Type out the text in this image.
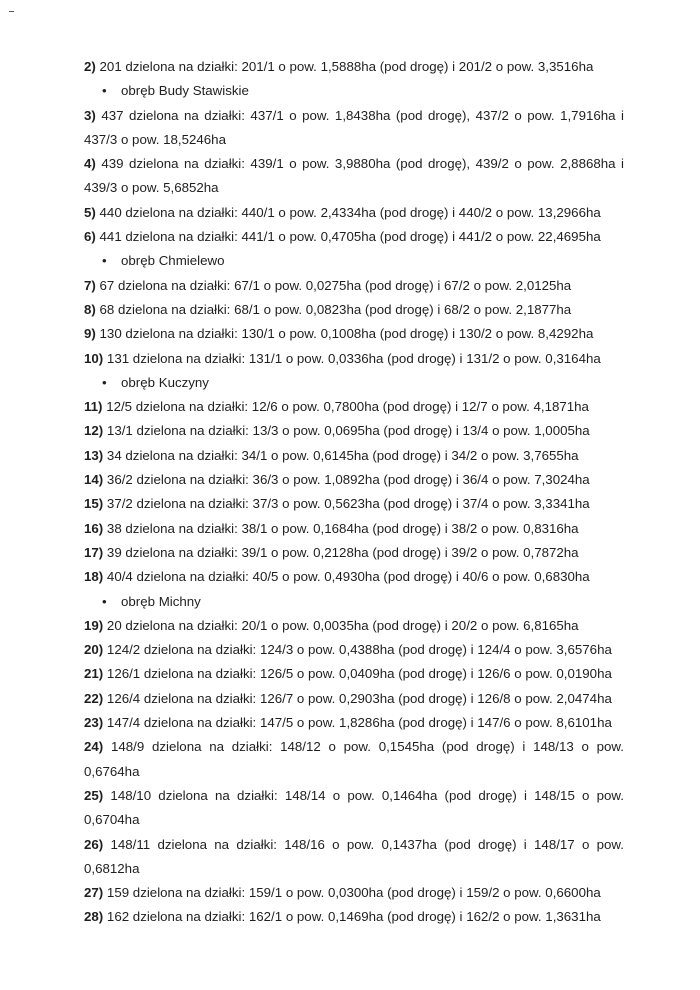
2) 201 dzielona na działki: 201/1 o pow. 1,5888ha (pod drogę) i 201/2 o pow. 3,3516ha
• obręb Budy Stawiskie
3) 437 dzielona na działki: 437/1 o pow. 1,8438ha (pod drogę), 437/2 o pow. 1,7916ha i
437/3 o pow. 18,5246ha
4) 439 dzielona na działki: 439/1 o pow. 3,9880ha (pod drogę), 439/2 o pow. 2,8868ha i
439/3 o pow. 5,6852ha
5) 440 dzielona na działki: 440/1 o pow. 2,4334ha (pod drogę) i 440/2 o pow. 13,2966ha
6) 441 dzielona na działki: 441/1 o pow. 0,4705ha (pod drogę) i 441/2 o pow. 22,4695ha
• obręb Chmielewo
7) 67 dzielona na działki: 67/1 o pow. 0,0275ha (pod drogę) i 67/2 o pow. 2,0125ha
8) 68 dzielona na działki: 68/1 o pow. 0,0823ha (pod drogę) i 68/2 o pow. 2,1877ha
9) 130 dzielona na działki: 130/1 o pow. 0,1008ha (pod drogę) i 130/2 o pow. 8,4292ha
10) 131 dzielona na działki: 131/1 o pow. 0,0336ha (pod drogę) i 131/2 o pow. 0,3164ha
• obręb Kuczyny
11) 12/5 dzielona na działki: 12/6 o pow. 0,7800ha (pod drogę) i 12/7 o pow. 4,1871ha
12) 13/1 dzielona na działki: 13/3 o pow. 0,0695ha (pod drogę) i 13/4 o pow. 1,0005ha
13) 34 dzielona na działki: 34/1 o pow. 0,6145ha (pod drogę) i 34/2 o pow. 3,7655ha
14) 36/2 dzielona na działki: 36/3 o pow. 1,0892ha (pod drogę) i 36/4 o pow. 7,3024ha
15) 37/2 dzielona na działki: 37/3 o pow. 0,5623ha (pod drogę) i 37/4 o pow. 3,3341ha
16) 38 dzielona na działki: 38/1 o pow. 0,1684ha (pod drogę) i 38/2 o pow. 0,8316ha
17) 39 dzielona na działki: 39/1 o pow. 0,2128ha (pod drogę) i 39/2 o pow. 0,7872ha
18) 40/4 dzielona na działki: 40/5 o pow. 0,4930ha (pod drogę) i 40/6 o pow. 0,6830ha
• obręb Michny
19) 20 dzielona na działki: 20/1 o pow. 0,0035ha (pod drogę) i 20/2 o pow. 6,8165ha
20) 124/2 dzielona na działki: 124/3 o pow. 0,4388ha (pod drogę) i 124/4 o pow. 3,6576ha
21) 126/1 dzielona na działki: 126/5 o pow. 0,0409ha (pod drogę) i 126/6 o pow. 0,0190ha
22) 126/4 dzielona na działki: 126/7 o pow. 0,2903ha (pod drogę) i 126/8 o pow. 2,0474ha
23) 147/4 dzielona na działki: 147/5 o pow. 1,8286ha (pod drogę) i 147/6 o pow. 8,6101ha
24) 148/9 dzielona na działki: 148/12 o pow. 0,1545ha (pod drogę) i 148/13 o pow.
0,6764ha
25) 148/10 dzielona na działki: 148/14 o pow. 0,1464ha (pod drogę) i 148/15 o pow.
0,6704ha
26) 148/11 dzielona na działki: 148/16 o pow. 0,1437ha (pod drogę) i 148/17 o pow.
0,6812ha
27) 159 dzielona na działki: 159/1 o pow. 0,0300ha (pod drogę) i 159/2 o pow. 0,6600ha
28) 162 dzielona na działki: 162/1 o pow. 0,1469ha (pod drogę) i 162/2 o pow. 1,3631ha
